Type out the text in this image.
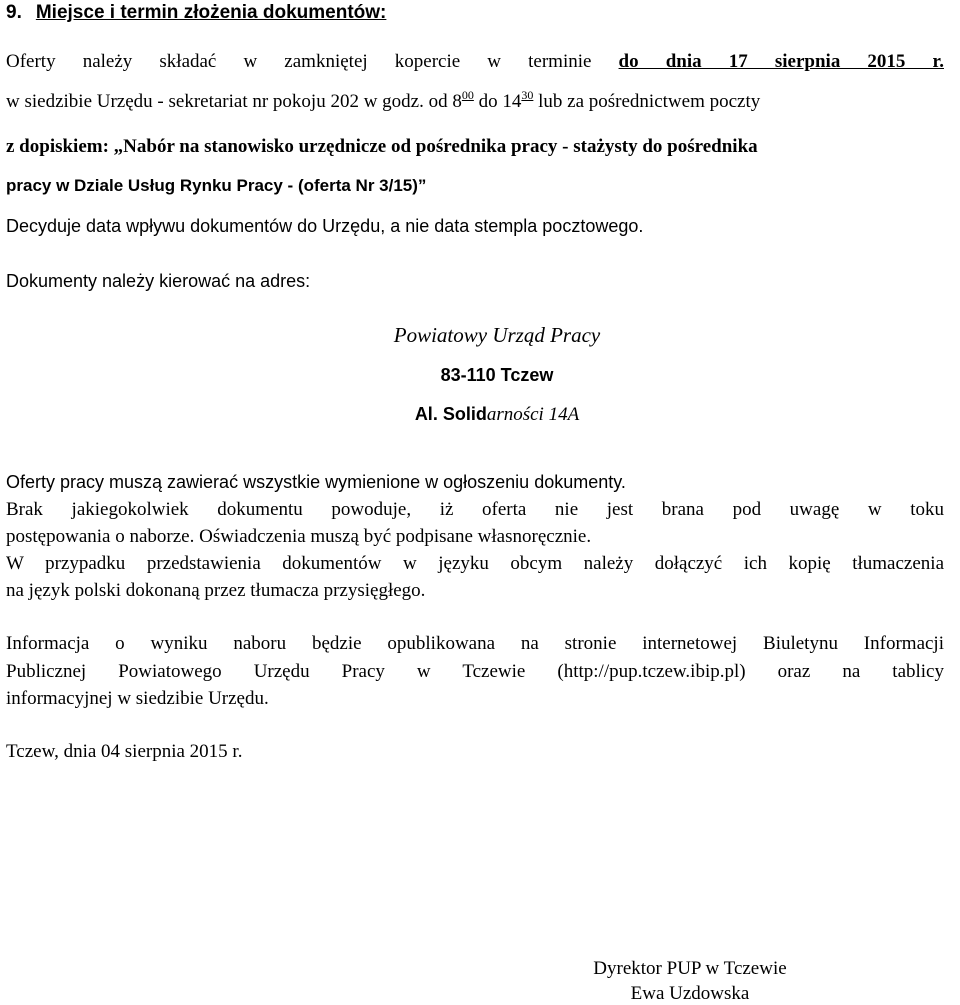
9. Miejsce i termin złożenia dokumentów:
Oferty należy składać w zamkniętej kopercie w terminie do dnia 17 sierpnia 2015 r.
w siedzibie Urzędu - sekretariat nr pokoju 202 w godz. od $8^{00}$ do $14^{30}$ lub za pośrednictwem poczty
z dopiskiem: „Nabór na stanowisko urzędnicze od pośrednika pracy - stażysty do pośrednika
pracy w Dziale Usług Rynku Pracy - (oferta Nr 3/15)”
Decyduje data wpływu dokumentów do Urzędu, a nie data stempla pocztowego.
Dokumenty należy kierować na adres:
Powiatowy Urząd Pracy
83-110 Tczew
Al. Solidarności 14A
Oferty pracy muszą zawierać wszystkie wymienione w ogłoszeniu dokumenty.
Brak jakiegokolwiek dokumentu powoduje, iż oferta nie jest brana pod uwagę w toku
postępowania o naborze. Oświadczenia muszą być podpisane własnoręcznie.
W przypadku przedstawienia dokumentów w języku obcym należy dołączyć ich kopię tłumaczenia
na język polski dokonaną przez tłumacza przysięgłego.
Informacja o wyniku naboru będzie opublikowana na stronie internetowej Biuletynu Informacji
Publicznej Powiatowego Urzędu Pracy w Tczewie (http://pup.tczew.ibip.pl) oraz na tablicy
informacyjnej w siedzibie Urzędu.
Tczew, dnia 04 sierpnia 2015 r.
Dyrektor PUP w Tczewie
Ewa Uzdowska
